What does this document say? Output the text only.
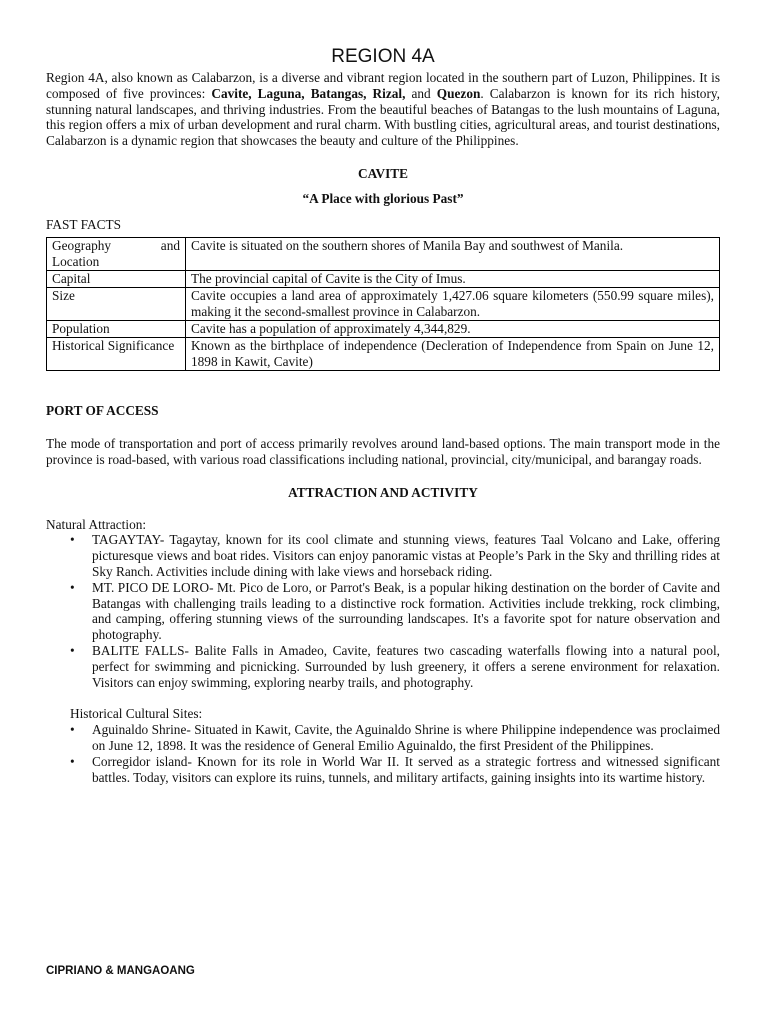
REGION 4A
Region 4A, also known as Calabarzon, is a diverse and vibrant region located in the southern part of Luzon, Philippines. It is composed of five provinces: Cavite, Laguna, Batangas, Rizal, and Quezon. Calabarzon is known for its rich history, stunning natural landscapes, and thriving industries. From the beautiful beaches of Batangas to the lush mountains of Laguna, this region offers a mix of urban development and rural charm. With bustling cities, agricultural areas, and tourist destinations, Calabarzon is a dynamic region that showcases the beauty and culture of the Philippines.
CAVITE
“A Place with glorious Past”
FAST FACTS
Geography and
Location	Cavite is situated on the southern shores of Manila Bay and southwest of Manila.
Capital	The provincial capital of Cavite is the City of Imus.
Size	Cavite occupies a land area of approximately 1,427.06 square kilometers (550.99 square miles), making it the second-smallest province in Calabarzon.
Population	Cavite has a population of approximately 4,344,829.
Historical Significance	Known as the birthplace of independence (Decleration of Independence from Spain on June 12, 1898 in Kawit, Cavite)
PORT OF ACCESS
The mode of transportation and port of access primarily revolves around land-based options. The main transport mode in the province is road-based, with various road classifications including national, provincial, city/municipal, and barangay roads.
ATTRACTION AND ACTIVITY
Natural Attraction:
• TAGAYTAY- Tagaytay, known for its cool climate and stunning views, features Taal Volcano and Lake, offering picturesque views and boat rides. Visitors can enjoy panoramic vistas at People’s Park in the Sky and thrilling rides at Sky Ranch. Activities include dining with lake views and horseback riding.
• MT. PICO DE LORO- Mt. Pico de Loro, or Parrot's Beak, is a popular hiking destination on the border of Cavite and Batangas with challenging trails leading to a distinctive rock formation. Activities include trekking, rock climbing, and camping, offering stunning views of the surrounding landscapes. It's a favorite spot for nature observation and photography.
• BALITE FALLS- Balite Falls in Amadeo, Cavite, features two cascading waterfalls flowing into a natural pool, perfect for swimming and picnicking. Surrounded by lush greenery, it offers a serene environment for relaxation. Visitors can enjoy swimming, exploring nearby trails, and photography.
Historical Cultural Sites:
• Aguinaldo Shrine- Situated in Kawit, Cavite, the Aguinaldo Shrine is where Philippine independence was proclaimed on June 12, 1898. It was the residence of General Emilio Aguinaldo, the first President of the Philippines.
• Corregidor island- Known for its role in World War II. It served as a strategic fortress and witnessed significant battles. Today, visitors can explore its ruins, tunnels, and military artifacts, gaining insights into its wartime history.
CIPRIANO & MANGAOANG
